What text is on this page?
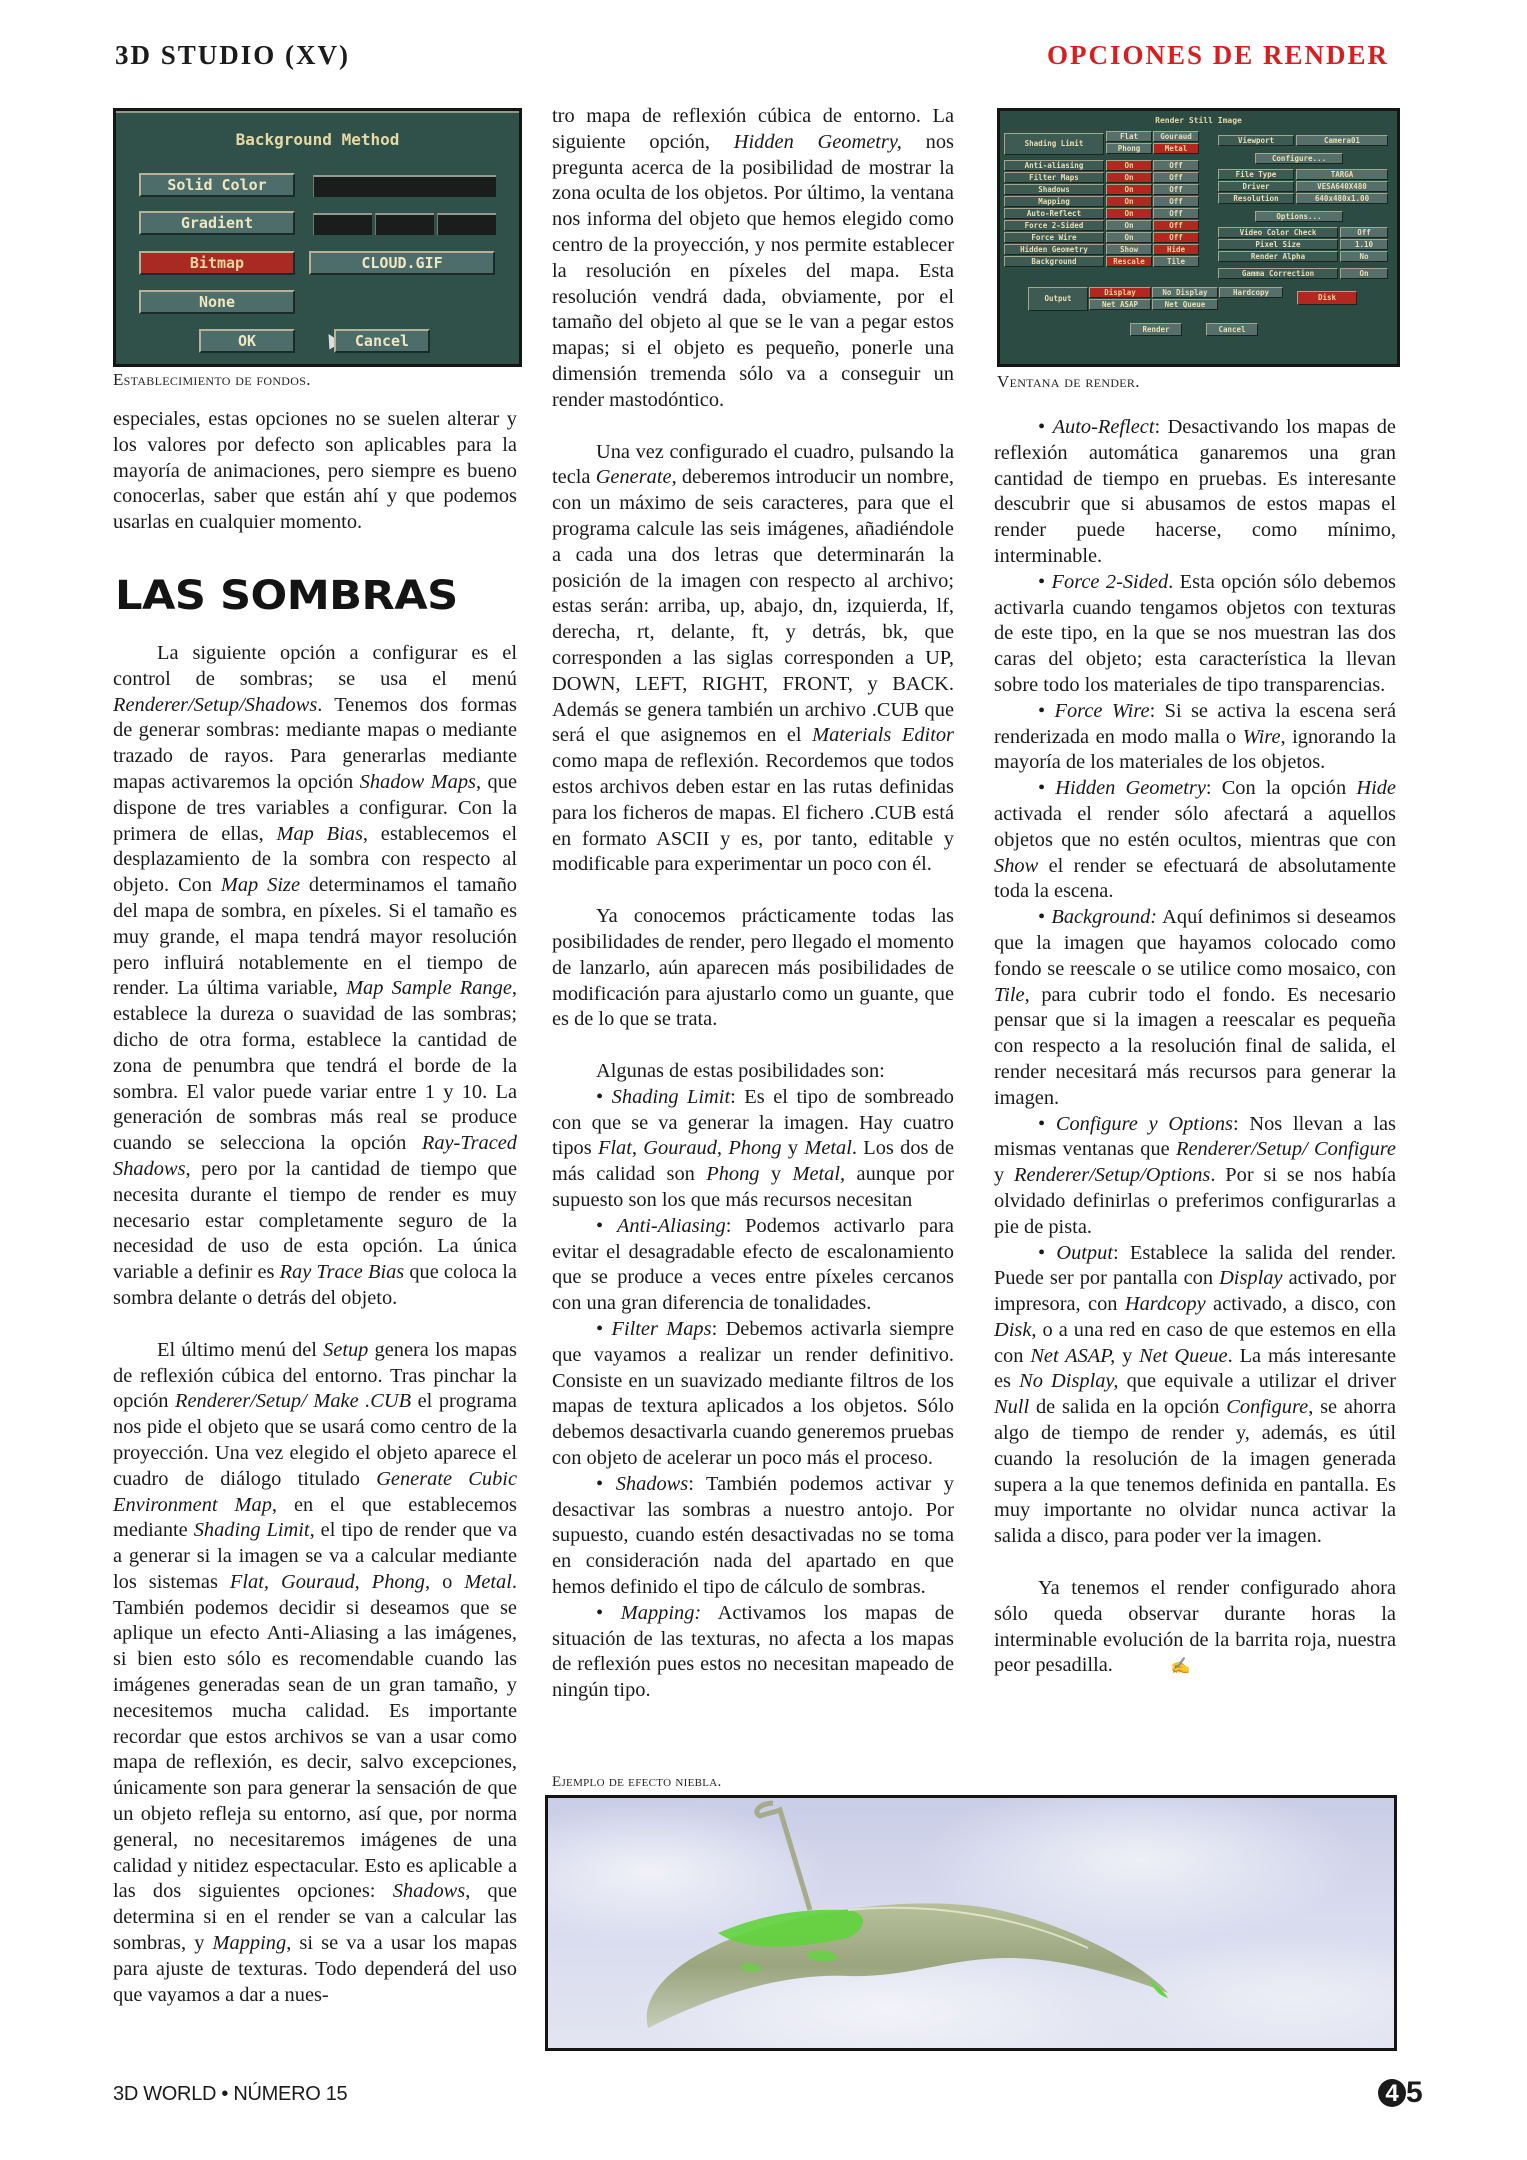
3D STUDIO (XV)	OPCIONES DE RENDER
Background Method
Solid Color
Gradient
Bitmap	CLOUD.GIF
None
OK	Cancel
Establecimiento de fondos.
Render Still Image
Shading Limit
Flat	Gouraud
Phong	Metal
Anti-aliasing	On	Off
Filter Maps	On	Off
Shadows	On	Off
Mapping	On	Off
Auto-Reflect	On	Off
Force 2-Sided	On	Off
Force Wire	On	Off
Hidden Geometry	Show	Hide
Background	Rescale	Tile
Viewport	Camera01
Configure...
File Type	TARGA
Driver	VESA640X480
Resolution	640x480x1.00
Options...
Video Color Check	Off
Pixel Size	1.10
Render Alpha	No
Gamma Correction	On
Output
Display	No Display	Hardcopy
Net ASAP	Net Queue
Disk
Render	Cancel
Ventana de render.

especiales, estas opciones no se suelen alterar y los valores por defecto son aplicables para la mayoría de animaciones, pero siempre es bueno conocerlas, saber que están ahí y que podemos usarlas en cualquier momento.

LAS SOMBRAS

La siguiente opción a configurar es el control de sombras; se usa el menú Renderer/Setup/Shadows. Tenemos dos formas de generar sombras: mediante mapas o mediante trazado de rayos. Para generarlas mediante mapas activaremos la opción Shadow Maps, que dispone de tres variables a configurar. Con la primera de ellas, Map Bias, establecemos el desplazamiento de la sombra con respecto al objeto. Con Map Size determinamos el tamaño del mapa de sombra, en píxeles. Si el tamaño es muy grande, el mapa tendrá mayor resolución pero influirá notablemente en el tiempo de render. La última variable, Map Sample Range, establece la dureza o suavidad de las sombras; dicho de otra forma, establece la cantidad de zona de penumbra que tendrá el borde de la sombra. El valor puede variar entre 1 y 10. La generación de sombras más real se produce cuando se selecciona la opción Ray-Traced Shadows, pero por la cantidad de tiempo que necesita durante el tiempo de render es muy necesario estar completamente seguro de la necesidad de uso de esta opción. La única variable a definir es Ray Trace Bias que coloca la sombra delante o detrás del objeto.

El último menú del Setup genera los mapas de reflexión cúbica del entorno. Tras pinchar la opción Renderer/Setup/ Make .CUB el programa nos pide el objeto que se usará como centro de la proyección. Una vez elegido el objeto aparece el cuadro de diálogo titulado Generate Cubic Environment Map, en el que establecemos mediante Shading Limit, el tipo de render que va a generar si la imagen se va a calcular mediante los sistemas Flat, Gouraud, Phong, o Metal. También podemos decidir si deseamos que se aplique un efecto Anti-Aliasing a las imágenes, si bien esto sólo es recomendable cuando las imágenes generadas sean de un gran tamaño, y necesitemos mucha calidad. Es importante recordar que estos archivos se van a usar como mapa de reflexión, es decir, salvo excepciones, únicamente son para generar la sensación de que un objeto refleja su entorno, así que, por norma general, no necesitaremos imágenes de una calidad y nitidez espectacular. Esto es aplicable a las dos siguientes opciones: Shadows, que determina si en el render se van a calcular las sombras, y Mapping, si se va a usar los mapas para ajuste de texturas. Todo dependerá del uso que vayamos a dar a nues-

tro mapa de reflexión cúbica de entorno. La siguiente opción, Hidden Geometry, nos pregunta acerca de la posibilidad de mostrar la zona oculta de los objetos. Por último, la ventana nos informa del objeto que hemos elegido como centro de la proyección, y nos permite establecer la resolución en píxeles del mapa. Esta resolución vendrá dada, obviamente, por el tamaño del objeto al que se le van a pegar estos mapas; si el objeto es pequeño, ponerle una dimensión tremenda sólo va a conseguir un render mastodóntico.

Una vez configurado el cuadro, pulsando la tecla Generate, deberemos introducir un nombre, con un máximo de seis caracteres, para que el programa calcule las seis imágenes, añadiéndole a cada una dos letras que determinarán la posición de la imagen con respecto al archivo; estas serán: arriba, up, abajo, dn, izquierda, lf, derecha, rt, delante, ft, y detrás, bk, que corresponden a las siglas corresponden a UP, DOWN, LEFT, RIGHT, FRONT, y BACK. Además se genera también un archivo .CUB que será el que asignemos en el Materials Editor como mapa de reflexión. Recordemos que todos estos archivos deben estar en las rutas definidas para los ficheros de mapas. El fichero .CUB está en formato ASCII y es, por tanto, editable y modificable para experimentar un poco con él.

Ya conocemos prácticamente todas las posibilidades de render, pero llegado el momento de lanzarlo, aún aparecen más posibilidades de modificación para ajustarlo como un guante, que es de lo que se trata.

Algunas de estas posibilidades son:

• Shading Limit: Es el tipo de sombreado con que se va generar la imagen. Hay cuatro tipos Flat, Gouraud, Phong y Metal. Los dos de más calidad son Phong y Metal, aunque por supuesto son los que más recursos necesitan

• Anti-Aliasing: Podemos activarlo para evitar el desagradable efecto de escalonamiento que se produce a veces entre píxeles cercanos con una gran diferencia de tonalidades.

• Filter Maps: Debemos activarla siempre que vayamos a realizar un render definitivo. Consiste en un suavizado mediante filtros de los mapas de textura aplicados a los objetos. Sólo debemos desactivarla cuando generemos pruebas con objeto de acelerar un poco más el proceso.

• Shadows: También podemos activar y desactivar las sombras a nuestro antojo. Por supuesto, cuando estén desactivadas no se toma en consideración nada del apartado en que hemos definido el tipo de cálculo de sombras.

• Mapping: Activamos los mapas de situación de las texturas, no afecta a los mapas de reflexión pues estos no necesitan mapeado de ningún tipo.

• Auto-Reflect: Desactivando los mapas de reflexión automática ganaremos una gran cantidad de tiempo en pruebas. Es interesante descubrir que si abusamos de estos mapas el render puede hacerse, como mínimo, interminable.

• Force 2-Sided. Esta opción sólo debemos activarla cuando tengamos objetos con texturas de este tipo, en la que se nos muestran las dos caras del objeto; esta característica la llevan sobre todo los materiales de tipo transparencias.

• Force Wire: Si se activa la escena será renderizada en modo malla o Wire, ignorando la mayoría de los materiales de los objetos.

• Hidden Geometry: Con la opción Hide activada el render sólo afectará a aquellos objetos que no estén ocultos, mientras que con Show el render se efectuará de absolutamente toda la escena.

• Background: Aquí definimos si deseamos que la imagen que hayamos colocado como fondo se reescale o se utilice como mosaico, con Tile, para cubrir todo el fondo. Es necesario pensar que si la imagen a reescalar es pequeña con respecto a la resolución final de salida, el render necesitará más recursos para generar la imagen.

• Configure y Options: Nos llevan a las mismas ventanas que Renderer/Setup/ Configure y Renderer/Setup/Options. Por si se nos había olvidado definirlas o preferimos configurarlas a pie de pista.

• Output: Establece la salida del render. Puede ser por pantalla con Display activado, por impresora, con Hardcopy activado, a disco, con Disk, o a una red en caso de que estemos en ella con Net ASAP, y Net Queue. La más interesante es No Display, que equivale a utilizar el driver Null de salida en la opción Configure, se ahorra algo de tiempo de render y, además, es útil cuando la resolución de la imagen generada supera a la que tenemos definida en pantalla. Es muy importante no olvidar nunca activar la salida a disco, para poder ver la imagen.

Ya tenemos el render configurado ahora sólo queda observar durante horas la interminable evolución de la barrita roja, nuestra peor pesadilla.	✍

Ejemplo de efecto niebla.
3D WORLD • NÚMERO 15	4 5
